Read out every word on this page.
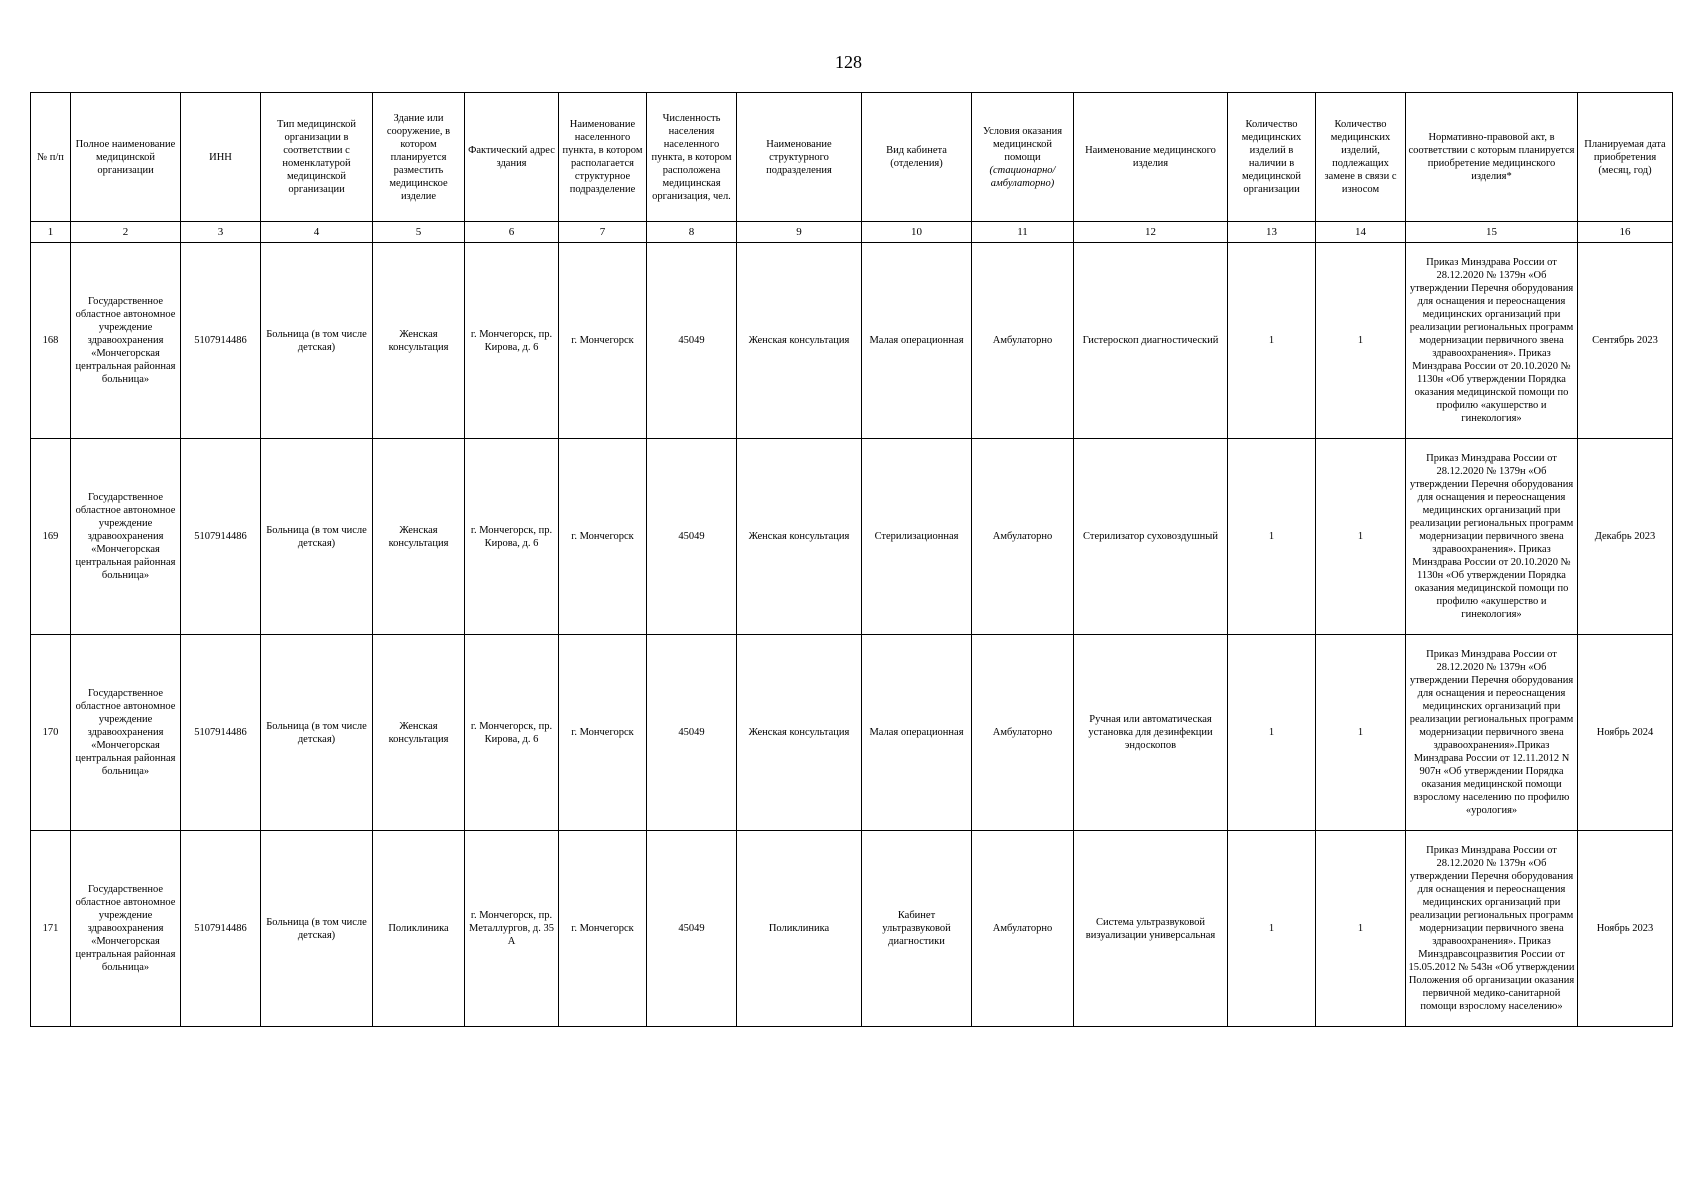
128
№ п/п	Полное наименование медицинской организации	ИНН	Тип медицинской организации в соответствии с номенклатурой медицинской организации	Здание или сооружение, в котором планируется разместить медицинское изделие	Фактический адрес здания	Наименование населенного пункта, в котором располагается структурное подразделение	Численность населения населенного пункта, в котором расположена медицинская организация, чел.	Наименование структурного подразделения	Вид кабинета (отделения)	Условия оказания медицинской помощи
(стационарно/ амбулаторно)	Наименование медицинского изделия	Количество медицинских изделий в наличии в медицинской организации	Количество медицинских изделий, подлежащих замене в связи с износом	Нормативно-правовой акт, в соответствии с которым планируется приобретение медицинского изделия*	Планируемая дата приобретения (месяц, год)
1	2	3	4	5	6	7	8	9	10	11	12	13	14	15	16
168	Государственное областное автономное учреждение здравоохранения «Мончегорская центральная районная больница»	5107914486	Больница (в том числе детская)	Женская консультация	г. Мончегорск, пр. Кирова, д. 6	г. Мончегорск	45049	Женская консультация	Малая операционная	Амбулаторно	Гистероскоп диагностический	1	1	Приказ Минздрава России от 28.12.2020 № 1379н «Об утверждении Перечня оборудования для оснащения и переоснащения медицинских организаций при реализации региональных программ модернизации первичного звена здравоохранения». Приказ Минздрава России от 20.10.2020 № 1130н «Об утверждении Порядка оказания медицинской помощи по профилю «акушерство и гинекология»	Сентябрь 2023
169	Государственное областное автономное учреждение здравоохранения «Мончегорская центральная районная больница»	5107914486	Больница (в том числе детская)	Женская консультация	г. Мончегорск, пр. Кирова, д. 6	г. Мончегорск	45049	Женская консультация	Стерилизационная	Амбулаторно	Стерилизатор суховоздушный	1	1	Приказ Минздрава России от 28.12.2020 № 1379н «Об утверждении Перечня оборудования для оснащения и переоснащения медицинских организаций при реализации региональных программ модернизации первичного звена здравоохранения». Приказ Минздрава России от 20.10.2020 № 1130н «Об утверждении Порядка оказания медицинской помощи по профилю «акушерство и гинекология»	Декабрь 2023
170	Государственное областное автономное учреждение здравоохранения «Мончегорская центральная районная больница»	5107914486	Больница (в том числе детская)	Женская консультация	г. Мончегорск, пр. Кирова, д. 6	г. Мончегорск	45049	Женская консультация	Малая операционная	Амбулаторно	Ручная или автоматическая установка для дезинфекции эндоскопов	1	1	Приказ Минздрава России от 28.12.2020 № 1379н «Об утверждении Перечня оборудования для оснащения и переоснащения медицинских организаций при реализации региональных программ модернизации первичного звена здравоохранения».Приказ Минздрава России от 12.11.2012 N 907н «Об утверждении Порядка оказания медицинской помощи взрослому населению по профилю «урология»	Ноябрь 2024
171	Государственное областное автономное учреждение здравоохранения «Мончегорская центральная районная больница»	5107914486	Больница (в том числе детская)	Поликлиника	г. Мончегорск, пр. Металлургов, д. 35 А	г. Мончегорск	45049	Поликлиника	Кабинет ультразвуковой диагностики	Амбулаторно	Система ультразвуковой визуализации универсальная	1	1	Приказ Минздрава России от 28.12.2020 № 1379н «Об утверждении Перечня оборудования для оснащения и переоснащения медицинских организаций при реализации региональных программ модернизации первичного звена здравоохранения». Приказ Минздравсоцразвития России от 15.05.2012 № 543н «Об утверждении Положения об организации оказания первичной медико-санитарной помощи взрослому населению»	Ноябрь 2023
